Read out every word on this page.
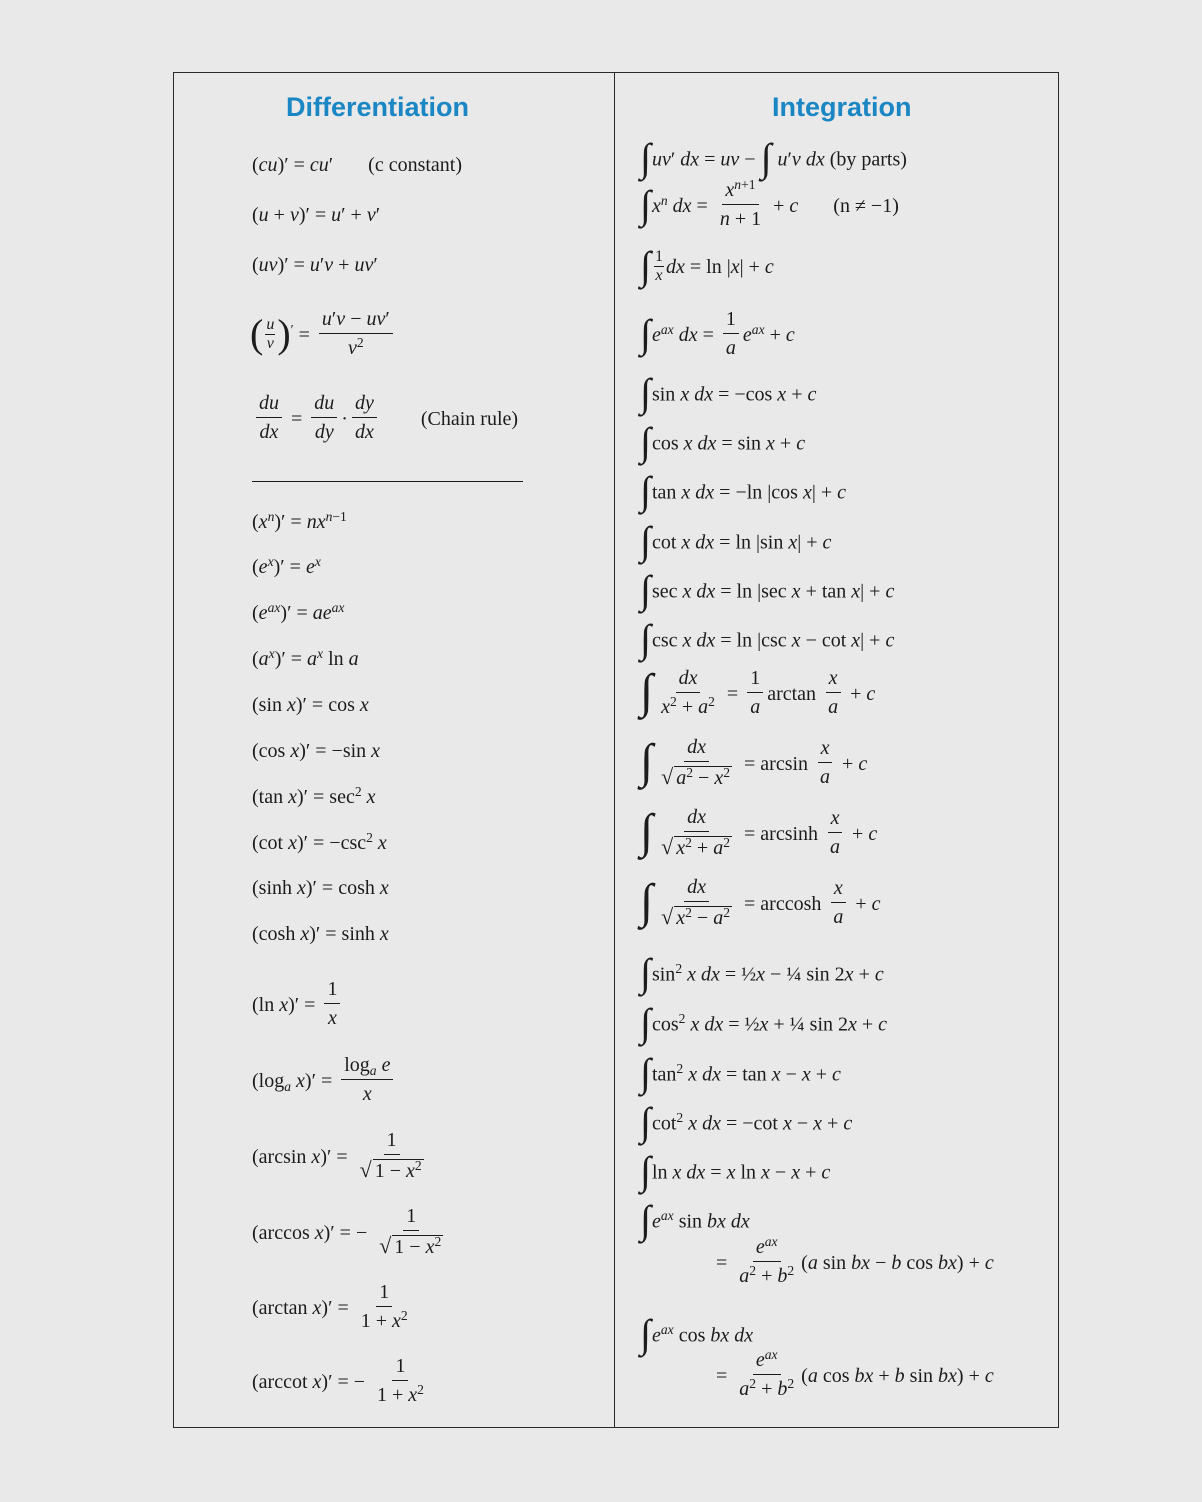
Differentiation	Integration
(cu)′ = cu′       (c constant)
(u + v)′ = u′ + v′
(uv)′ = u′v + uv′
( $\frac{u}{v} )' = \frac{u'v - uv'}{v^2}$
$\frac{du}{dx} = \frac{du}{dy} \cdot \frac{dy}{dx}$ (Chain rule)
$(x^n)' = nx^{n-1}$
$(e^x)' = e^x$
$(e^{ax})' = ae^{ax}$
$(a^x)' = a^x$ ln a
(sin x)′ = cos x
(cos x)′ = −sin x
(tan $x)' = \sec^2 x$
(cot $x)' = -\csc^2$ x
(sinh x)′ = cosh x
(cosh x)′ = sinh x
(ln $x)' = \frac{1}{x}$
($\log_a$ $x)' = \frac{\log_a e}{x}$
(arcsin $x)' = \frac{1}{√ 1 - x^2}$
(arccos x)′ = − $\frac{1}{√ 1 - x^2}$
(arctan $x)' = \frac{1}{1 + x^2}$
(arccot x)′ = − $\frac{1}{1 + x^2}$
∫uv′ dx = uv − ∫ u′v dx (by parts)
$\int x^n$ dx = $\frac{x^{n+1}}{n + 1} + c$ (n ≠ −1)
∫ $\frac{1}{x}$ dx = ln |x| + c
$\int e^{ax}$ dx = $\frac{1}{a} e^{ax} + c$
∫sin x dx = −cos x + c
∫cos x dx = sin x + c
∫tan x dx = −ln |cos x| + c
∫cot x dx = ln |sin x| + c
∫sec x dx = ln |sec x + tan x| + c
∫csc x dx = ln |csc x − cot x| + c
∫ $\frac{dx}{x^2 + a^2} = \frac{1}{a}$ $\arctan \frac{x}{a} + c$
∫ $\frac{dx}{√ a^2 - x^2} = \arcsin \frac{x}{a} + c$
∫ $\frac{dx}{√ x^2 + a^2} = \arcsin h \frac{x}{a} + c$
∫ $\frac{dx}{√ x^2 - a^2} = \arccos h \frac{x}{a} + c$
$\int\sin^2$ x dx = ½x − ¼ sin 2x + c
$\int\cos^2$ x dx = ½x + ¼ sin 2x + c
$\int\tan^2$ x dx = tan x − x + c
$\int\cot^2$ x dx = −cot x − x + c
∫ln x dx = x ln x − x + c
$\int e^{ax}$ sin bx dx
= $\frac{e^{ax}}{a^2 + b^2} (a$ sin bx − b cos bx) + c
$\int e^{ax}$ cos bx dx
= $\frac{e^{ax}}{a^2 + b^2} (a$ cos bx + b sin bx) + c
